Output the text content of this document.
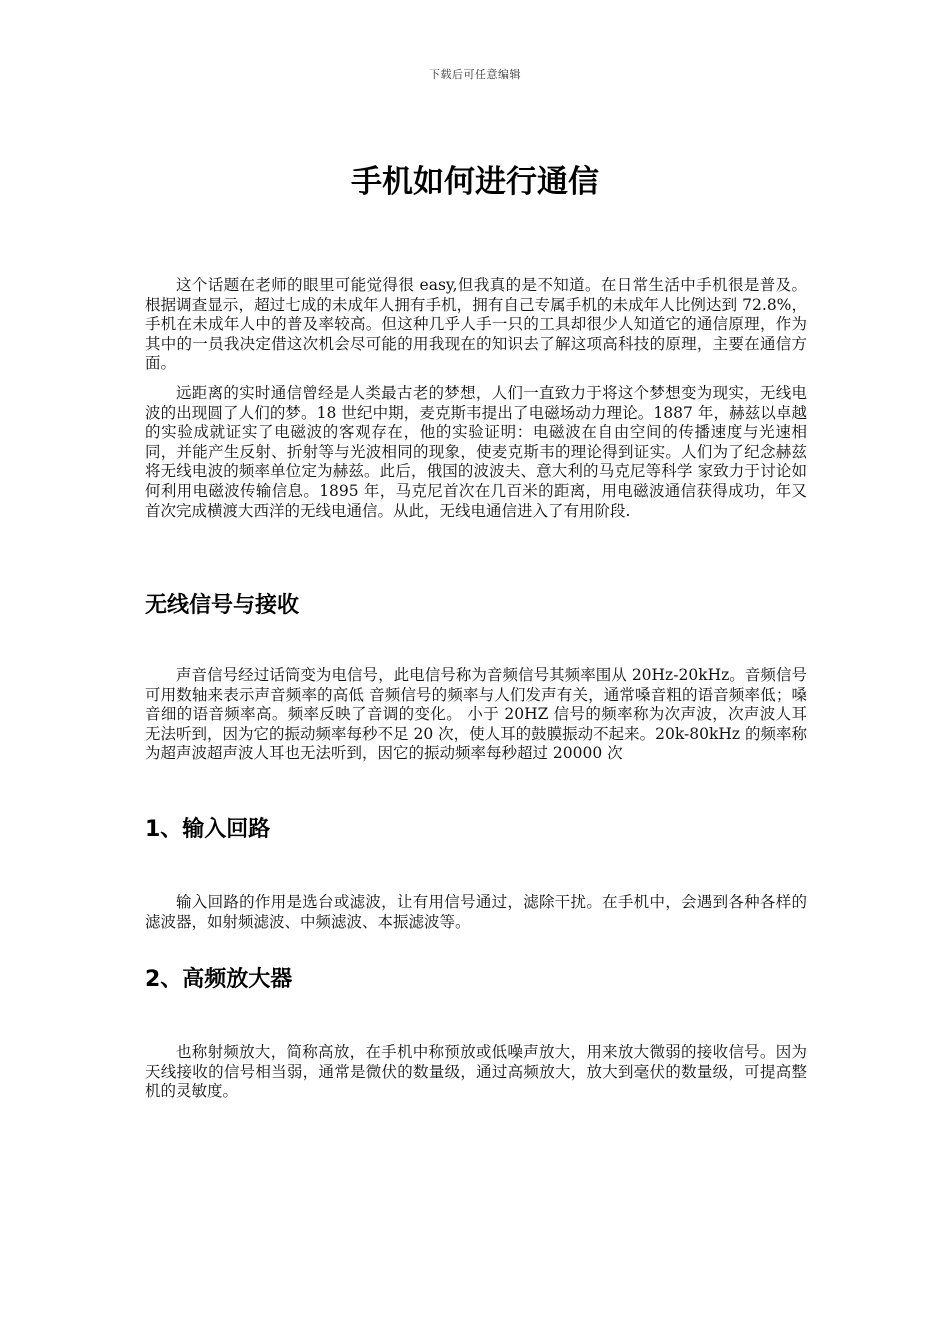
下载后可任意编辑
手机如何进行通信

这个话题在老师的眼里可能觉得很 easy,但我真的是不知道。在日常生活中手机很是普及。根据调查显示，超过七成的未成年人拥有手机，拥有自己专属手机的未成年人比例达到 72.8%，手机在未成年人中的普及率较高。但这种几乎人手一只的工具却很少人知道它的通信原理，作为其中的一员我决定借这次机会尽可能的用我现在的知识去了解这项高科技的原理，主要在通信方面。

远距离的实时通信曾经是人类最古老的梦想，人们一直致力于将这个梦想变为现实，无线电波的出现圆了人们的梦。18 世纪中期，麦克斯韦提出了电磁场动力理论。1887 年，赫兹以卓越的实验成就证实了电磁波的客观存在，他的实验证明：电磁波在自由空间的传播速度与光速相同，并能产生反射、折射等与光波相同的现象，使麦克斯韦的理论得到证实。人们为了纪念赫兹将无线电波的频率单位定为赫兹。此后，俄国的波波夫、意大利的马克尼等科学 家致力于讨论如何利用电磁波传输信息。1895 年，马克尼首次在几百米的距离，用电磁波通信获得成功，年又首次完成横渡大西洋的无线电通信。从此，无线电通信进入了有用阶段.

无线信号与接收

声音信号经过话筒变为电信号，此电信号称为音频信号其频率围从 20Hz-20kHz。音频信号可用数轴来表示声音频率的高低 音频信号的频率与人们发声有关，通常嗓音粗的语音频率低；嗓音细的语音频率高。频率反映了音调的变化。 小于 20HZ 信号的频率称为次声波，次声波人耳无法听到，因为它的振动频率每秒不足 20 次，使人耳的鼓膜振动不起来。20k-80kHz 的频率称为超声波超声波人耳也无法听到，因它的振动频率每秒超过 20000 次

1、输入回路

输入回路的作用是选台或滤波，让有用信号通过，滤除干扰。在手机中，会遇到各种各样的滤波器，如射频滤波、中频滤波、本振滤波等。

2、高频放大器

也称射频放大，简称高放，在手机中称预放或低噪声放大，用来放大微弱的接收信号。因为天线接收的信号相当弱，通常是微伏的数量级，通过高频放大，放大到毫伏的数量级，可提高整机的灵敏度。
